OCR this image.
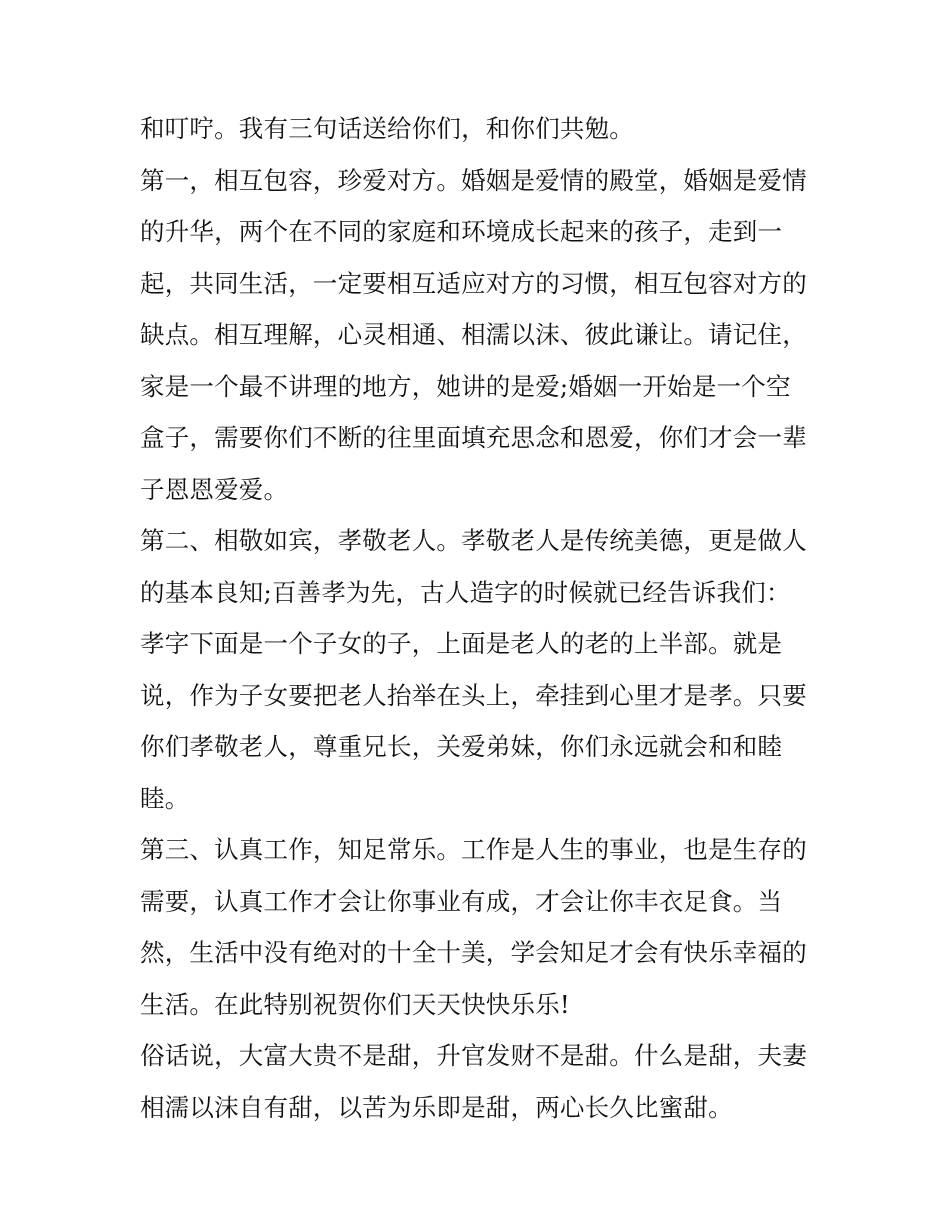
和叮咛。我有三句话送给你们，和你们共勉。
第一，相互包容，珍爱对方。婚姻是爱情的殿堂，婚姻是爱情
的升华，两个在不同的家庭和环境成长起来的孩子，走到一
起，共同生活，一定要相互适应对方的习惯，相互包容对方的
缺点。相互理解，心灵相通、相濡以沫、彼此谦让。请记住，
家是一个最不讲理的地方，她讲的是爱;婚姻一开始是一个空
盒子，需要你们不断的往里面填充思念和恩爱，你们才会一辈
子恩恩爱爱。
第二、相敬如宾，孝敬老人。孝敬老人是传统美德，更是做人
的基本良知;百善孝为先，古人造字的时候就已经告诉我们：
孝字下面是一个子女的子，上面是老人的老的上半部。就是
说，作为子女要把老人抬举在头上，牵挂到心里才是孝。只要
你们孝敬老人，尊重兄长，关爱弟妹，你们永远就会和和睦
睦。
第三、认真工作，知足常乐。工作是人生的事业，也是生存的
需要，认真工作才会让你事业有成，才会让你丰衣足食。当
然，生活中没有绝对的十全十美，学会知足才会有快乐幸福的
生活。在此特别祝贺你们天天快快乐乐!
俗话说，大富大贵不是甜，升官发财不是甜。什么是甜，夫妻
相濡以沫自有甜，以苦为乐即是甜，两心长久比蜜甜。
